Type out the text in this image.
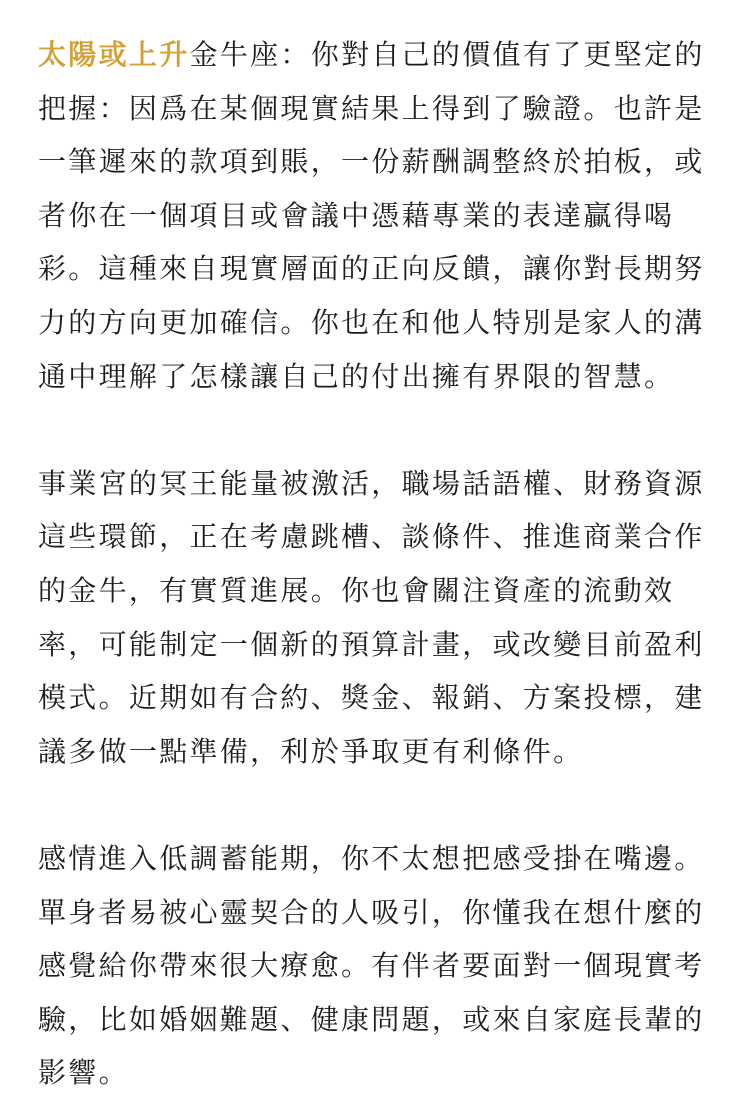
太陽或上升金牛座：你對自己的價值有了更堅定的
把握：因爲在某個現實結果上得到了驗證。也許是
一筆遲來的款項到賬，一份薪酬調整終於拍板，或
者你在一個項目或會議中憑藉專業的表達贏得喝
彩。這種來自現實層面的正向反饋，讓你對長期努
力的方向更加確信。你也在和他人特別是家人的溝
通中理解了怎樣讓自己的付出擁有界限的智慧。
事業宮的冥王能量被激活，職場話語權、財務資源
這些環節，正在考慮跳槽、談條件、推進商業合作
的金牛，有實質進展。你也會關注資產的流動效
率，可能制定一個新的預算計畫，或改變目前盈利
模式。近期如有合約、獎金、報銷、方案投標，建
議多做一點準備，利於爭取更有利條件。
感情進入低調蓄能期，你不太想把感受掛在嘴邊。
單身者易被心靈契合的人吸引，你懂我在想什麼的
感覺給你帶來很大療愈。有伴者要面對一個現實考
驗，比如婚姻難題、健康問題，或來自家庭長輩的
影響。
